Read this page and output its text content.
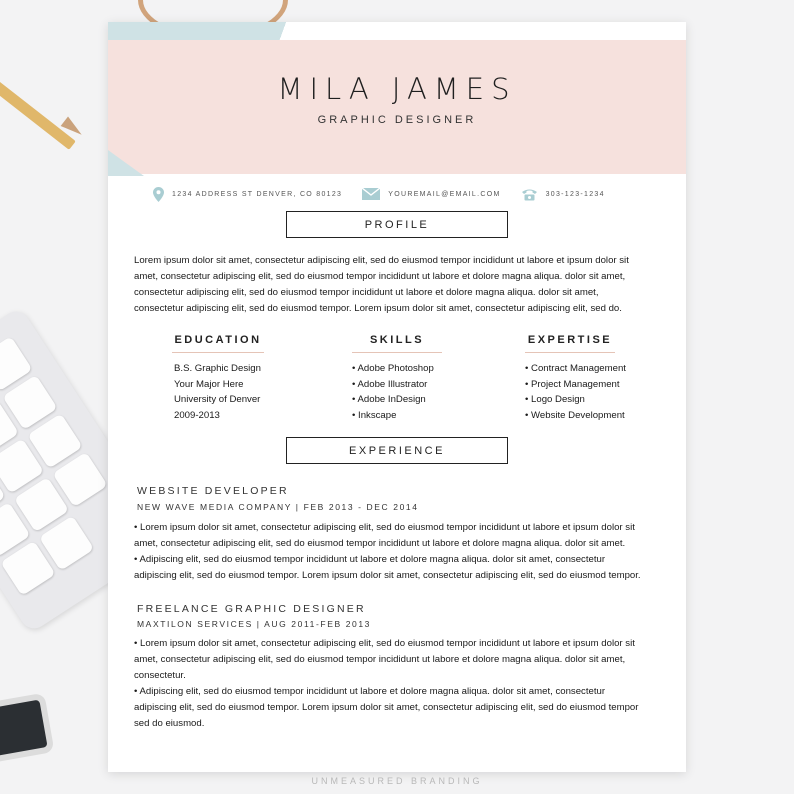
MILA JAMES
GRAPHIC DESIGNER
1234 ADDRESS ST DENVER, CO 80123	YOUREMAIL@EMAIL.COM	303-123-1234
PROFILE
Lorem ipsum dolor sit amet, consectetur adipiscing elit, sed do eiusmod tempor incididunt ut labore et ipsum dolor sit
amet, consectetur adipiscing elit, sed do eiusmod tempor incididunt ut labore et dolore magna aliqua. dolor sit amet,
consectetur adipiscing elit, sed do eiusmod tempor incididunt ut labore et dolore magna aliqua. dolor sit amet,
consectetur adipiscing elit, sed do eiusmod tempor. Lorem ipsum dolor sit amet, consectetur adipiscing elit, sed do.
EDUCATION
B.S. Graphic Design
Your Major Here
University of Denver
2009-2013
SKILLS
• Adobe Photoshop
• Adobe Illustrator
• Adobe InDesign
• Inkscape
EXPERTISE
• Contract Management
• Project Management
• Logo Design
• Website Development
EXPERIENCE
WEBSITE DEVELOPER
NEW WAVE MEDIA COMPANY | FEB 2013 - DEC 2014
• Lorem ipsum dolor sit amet, consectetur adipiscing elit, sed do eiusmod tempor incididunt ut labore et ipsum dolor sit
amet, consectetur adipiscing elit, sed do eiusmod tempor incididunt ut labore et dolore magna aliqua. dolor sit amet.
• Adipiscing elit, sed do eiusmod tempor incididunt ut labore et dolore magna aliqua. dolor sit amet, consectetur
adipiscing elit, sed do eiusmod tempor. Lorem ipsum dolor sit amet, consectetur adipiscing elit, sed do eiusmod tempor.
FREELANCE GRAPHIC DESIGNER
MAXTILON SERVICES | AUG 2011-FEB 2013
• Lorem ipsum dolor sit amet, consectetur adipiscing elit, sed do eiusmod tempor incididunt ut labore et ipsum dolor sit
amet, consectetur adipiscing elit, sed do eiusmod tempor incididunt ut labore et dolore magna aliqua. dolor sit amet,
consectetur.
• Adipiscing elit, sed do eiusmod tempor incididunt ut labore et dolore magna aliqua. dolor sit amet, consectetur
adipiscing elit, sed do eiusmod tempor. Lorem ipsum dolor sit amet, consectetur adipiscing elit, sed do eiusmod tempor
sed do eiusmod.
UNMEASURED BRANDING
